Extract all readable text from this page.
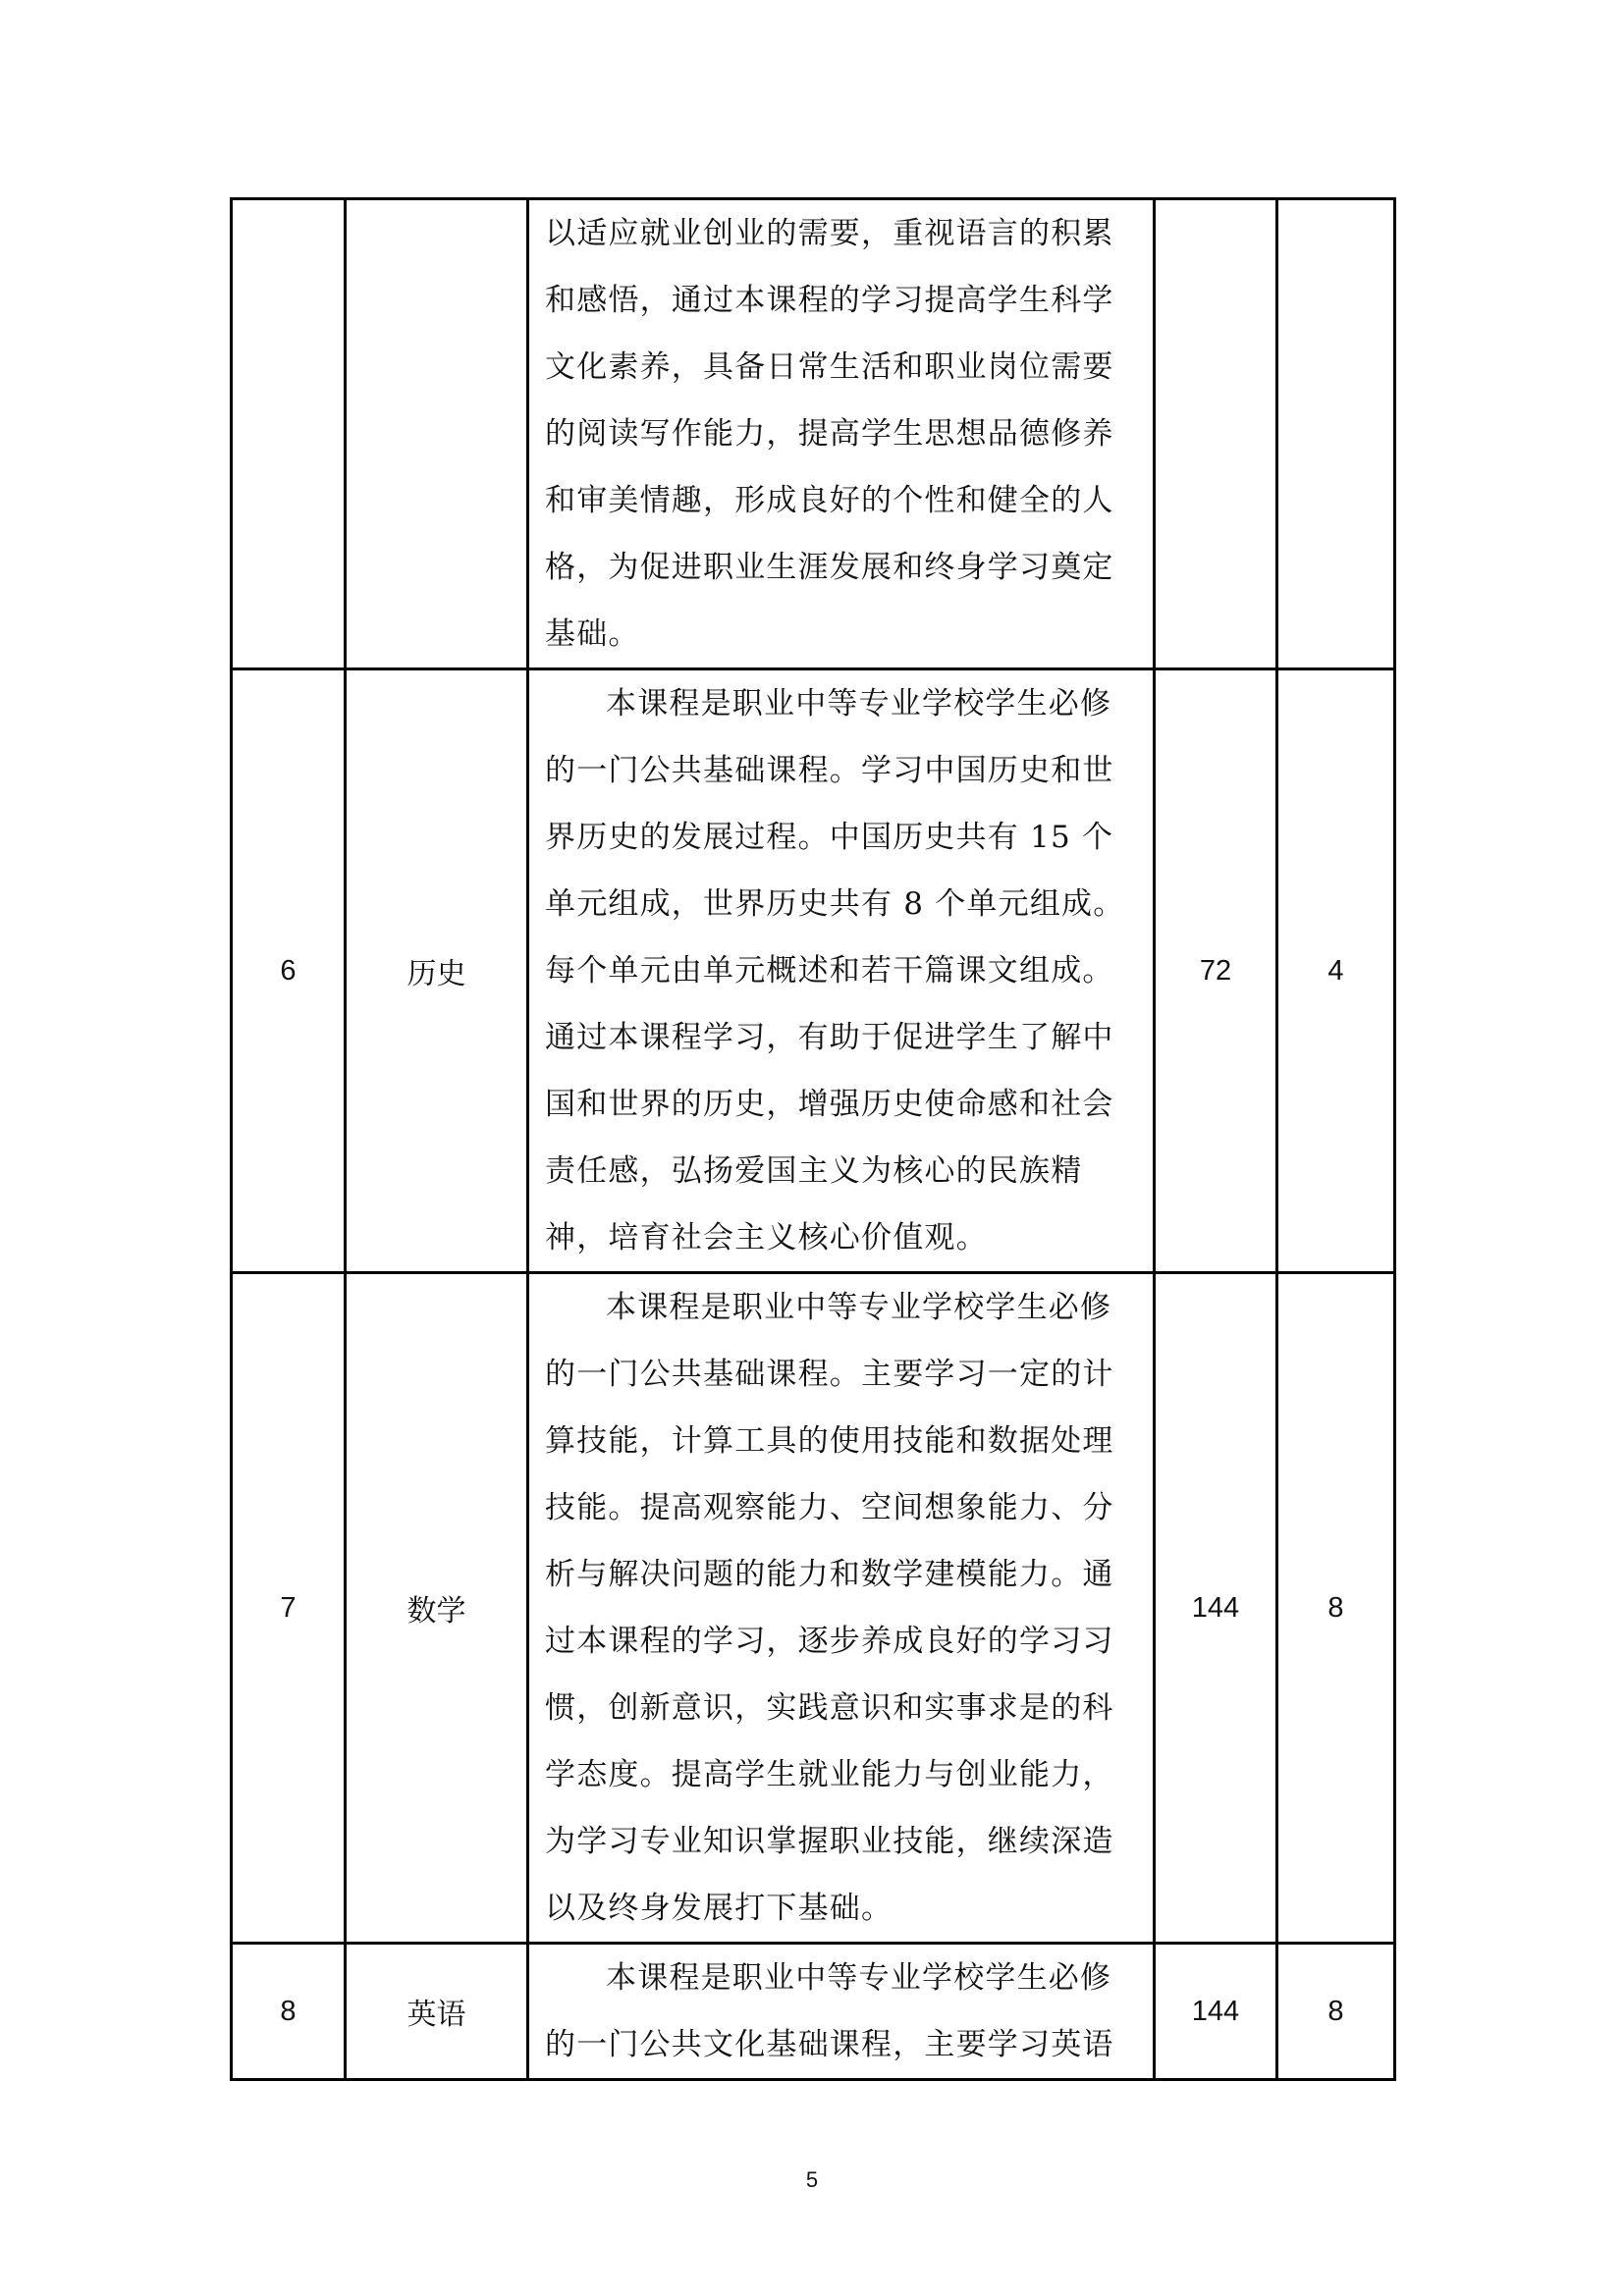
		以适应就业创业的需要，重视语言的积累和感悟，通过本课程的学习提高学生科学文化素养，具备日常生活和职业岗位需要的阅读写作能力，提高学生思想品德修养和审美情趣，形成良好的个性和健全的人格，为促进职业生涯发展和终身学习奠定基础。		

6	历史	本课程是职业中等专业学校学生必修的一门公共基础课程。学习中国历史和世界历史的发展过程。中国历史共有 15 个单元组成，世界历史共有 8 个单元组成。每个单元由单元概述和若干篇课文组成。通过本课程学习，有助于促进学生了解中国和世界的历史，增强历史使命感和社会责任感，弘扬爱国主义为核心的民族精神，培育社会主义核心价值观。	72	4
7	数学	本课程是职业中等专业学校学生必修的一门公共基础课程。主要学习一定的计算技能，计算工具的使用技能和数据处理技能。提高观察能力、空间想象能力、分析与解决问题的能力和数学建模能力。通过本课程的学习，逐步养成良好的学习习惯，创新意识，实践意识和实事求是的科学态度。提高学生就业能力与创业能力，为学习专业知识掌握职业技能，继续深造以及终身发展打下基础。	144	8
8	英语	本课程是职业中等专业学校学生必修的一门公共文化基础课程，主要学习英语	144	8
5
